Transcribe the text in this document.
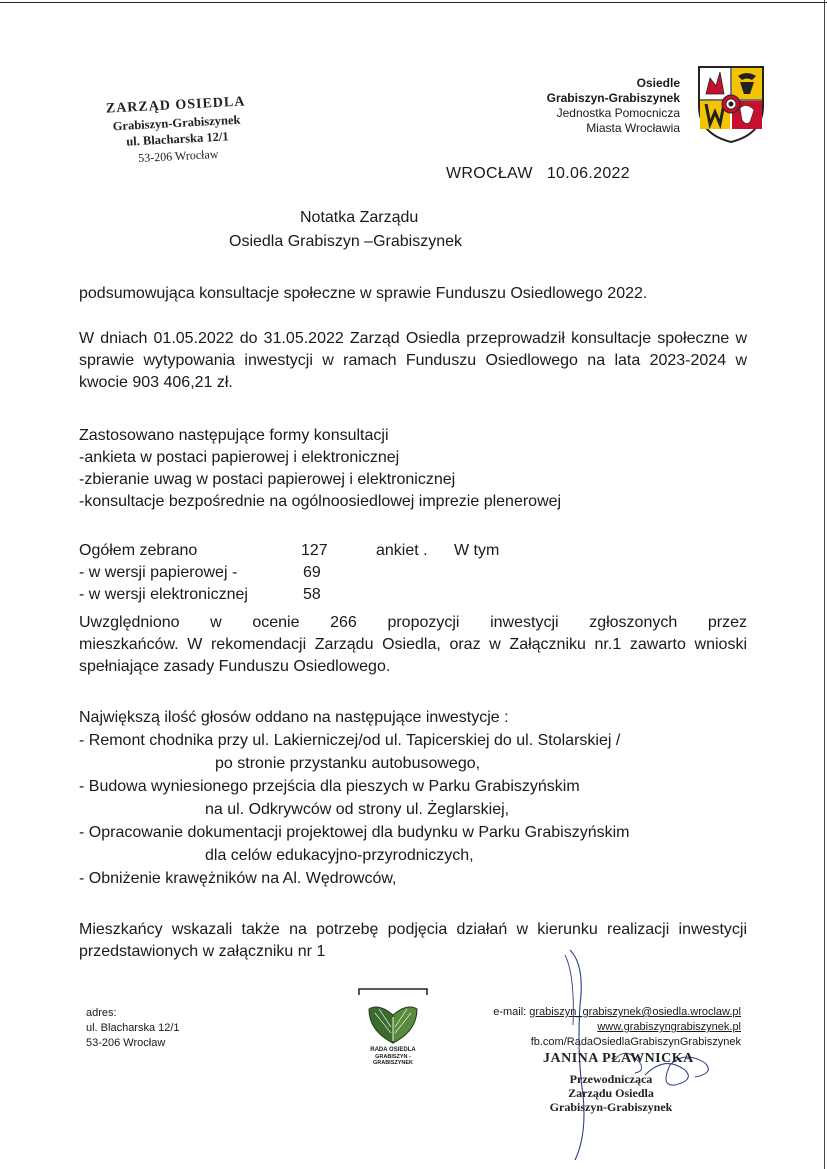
ZARZĄD OSIEDLA
Grabiszyn-Grabiszynek
ul. Blacharska 12/1
53-206 Wrocław
Osiedle
Grabiszyn-Grabiszynek
Jednostka Pomocnicza
Miasta Wrocławia
WROCŁAW 10.06.2022
Notatka Zarządu
Osiedla Grabiszyn –Grabiszynek
podsumowująca konsultacje społeczne w sprawie Funduszu Osiedlowego 2022.
W dniach 01.05.2022 do 31.05.2022 Zarząd Osiedla przeprowadził konsultacje społeczne w sprawie wytypowania inwestycji w ramach Funduszu Osiedlowego na lata 2023-2024 w kwocie 903 406,21 zł.
Zastosowano następujące formy konsultacji
-ankieta w postaci papierowej i elektronicznej
-zbieranie uwag w postaci papierowej i elektronicznej
-konsultacje bezpośrednie na ogólnoosiedlowej imprezie plenerowej
Ogółem zebrano	127	ankiet . W tym
- w wersji papierowej -	69
- w wersji elektronicznej	58
Uwzględniono w ocenie 266 propozycji inwestycji zgłoszonych przez
mieszkańców. W rekomendacji Zarządu Osiedla, oraz w Załączniku nr.1 zawarto wnioski spełniające zasady Funduszu Osiedlowego.
Największą ilość głosów oddano na następujące inwestycje :
- Remont chodnika przy ul. Lakierniczej/od ul. Tapicerskiej do ul. Stolarskiej /
po stronie przystanku autobusowego,
- Budowa wyniesionego przejścia dla pieszych w Parku Grabiszyńskim
na ul. Odkrywców od strony ul. Żeglarskiej,
- Opracowanie dokumentacji projektowej dla budynku w Parku Grabiszyńskim
dla celów edukacyjno-przyrodniczych,
- Obniżenie krawężników na Al. Wędrowców,
Mieszkańcy wskazali także na potrzebę podjęcia działań w kierunku realizacji inwestycji przedstawionych w załączniku nr 1
adres:
ul. Blacharska 12/1
53-206 Wrocław
RADA OSIEDLA
GRABISZYN -
GRABISZYNEK
e-mail: grabiszyn_grabiszynek@osiedla.wroclaw.pl
www.grabiszyngrabiszynek.pl
fb.com/RadaOsiedlaGrabiszynGrabiszynek
JANINA PŁAWNICKA
Przewodnicząca
Zarządu Osiedla
Grabiszyn-Grabiszynek
